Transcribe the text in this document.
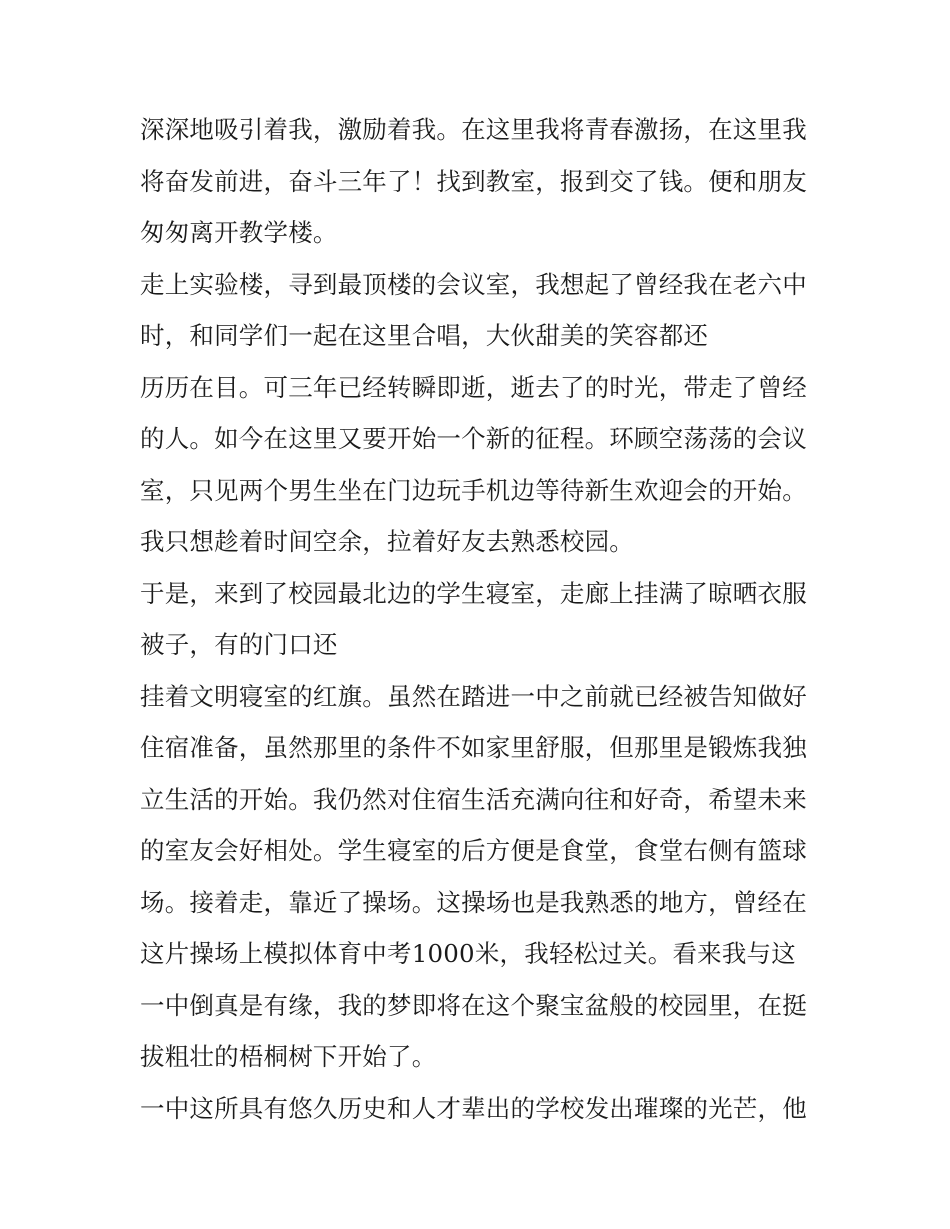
深深地吸引着我，激励着我。在这里我将青春激扬，在这里我
将奋发前进，奋斗三年了！找到教室，报到交了钱。便和朋友
匆匆离开教学楼。
走上实验楼，寻到最顶楼的会议室，我想起了曾经我在老六中
时，和同学们一起在这里合唱，大伙甜美的笑容都还
历历在目。可三年已经转瞬即逝，逝去了的时光，带走了曾经
的人。如今在这里又要开始一个新的征程。环顾空荡荡的会议
室，只见两个男生坐在门边玩手机边等待新生欢迎会的开始。
我只想趁着时间空余，拉着好友去熟悉校园。
于是，来到了校园最北边的学生寝室，走廊上挂满了晾晒衣服
被子，有的门口还
挂着文明寝室的红旗。虽然在踏进一中之前就已经被告知做好
住宿准备，虽然那里的条件不如家里舒服，但那里是锻炼我独
立生活的开始。我仍然对住宿生活充满向往和好奇，希望未来
的室友会好相处。学生寝室的后方便是食堂，食堂右侧有篮球
场。接着走，靠近了操场。这操场也是我熟悉的地方，曾经在
这片操场上模拟体育中考1000米，我轻松过关。看来我与这
一中倒真是有缘，我的梦即将在这个聚宝盆般的校园里，在挺
拔粗壮的梧桐树下开始了。
一中这所具有悠久历史和人才辈出的学校发出璀璨的光芒，他
